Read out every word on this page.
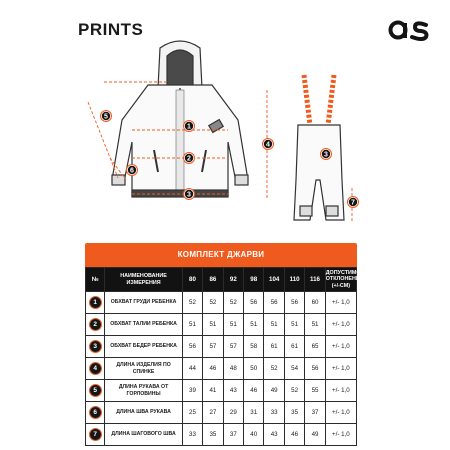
PRINTS
1
2
3
4
5
6
7
3
КОМПЛЕКТ ДЖАРВИ
№	НАИМЕНОВАНИЕ ИЗМЕРЕНИЯ	80	86	92	98	104	110	116	ДОПУСТИМОЕ ОТКЛОНЕНИЕ (+/-СМ)

1	ОБХВАТ ГРУДИ РЕБЕНКА	52	52	52	56	56	56	60	+/- 1,0

2	ОБХВАТ ТАЛИИ РЕБЕНКА	51	51	51	51	51	51	51	+/- 1,0

3	ОБХВАТ БЕДЕР РЕБЕНКА	56	57	57	58	61	61	65	+/- 1,0

4	ДЛИНА ИЗДЕЛИЯ ПО СПИНКЕ	44	46	48	50	52	54	56	+/- 1,0

5	ДЛИНА РУКАВА ОТ ГОРЛОВИНЫ	39	41	43	46	49	52	55	+/- 1,0

6	ДЛИНА ШВА РУКАВА	25	27	29	31	33	35	37	+/- 1,0

7	ДЛИНА ШАГОВОГО ШВА	33	35	37	40	43	46	49	+/- 1,0
